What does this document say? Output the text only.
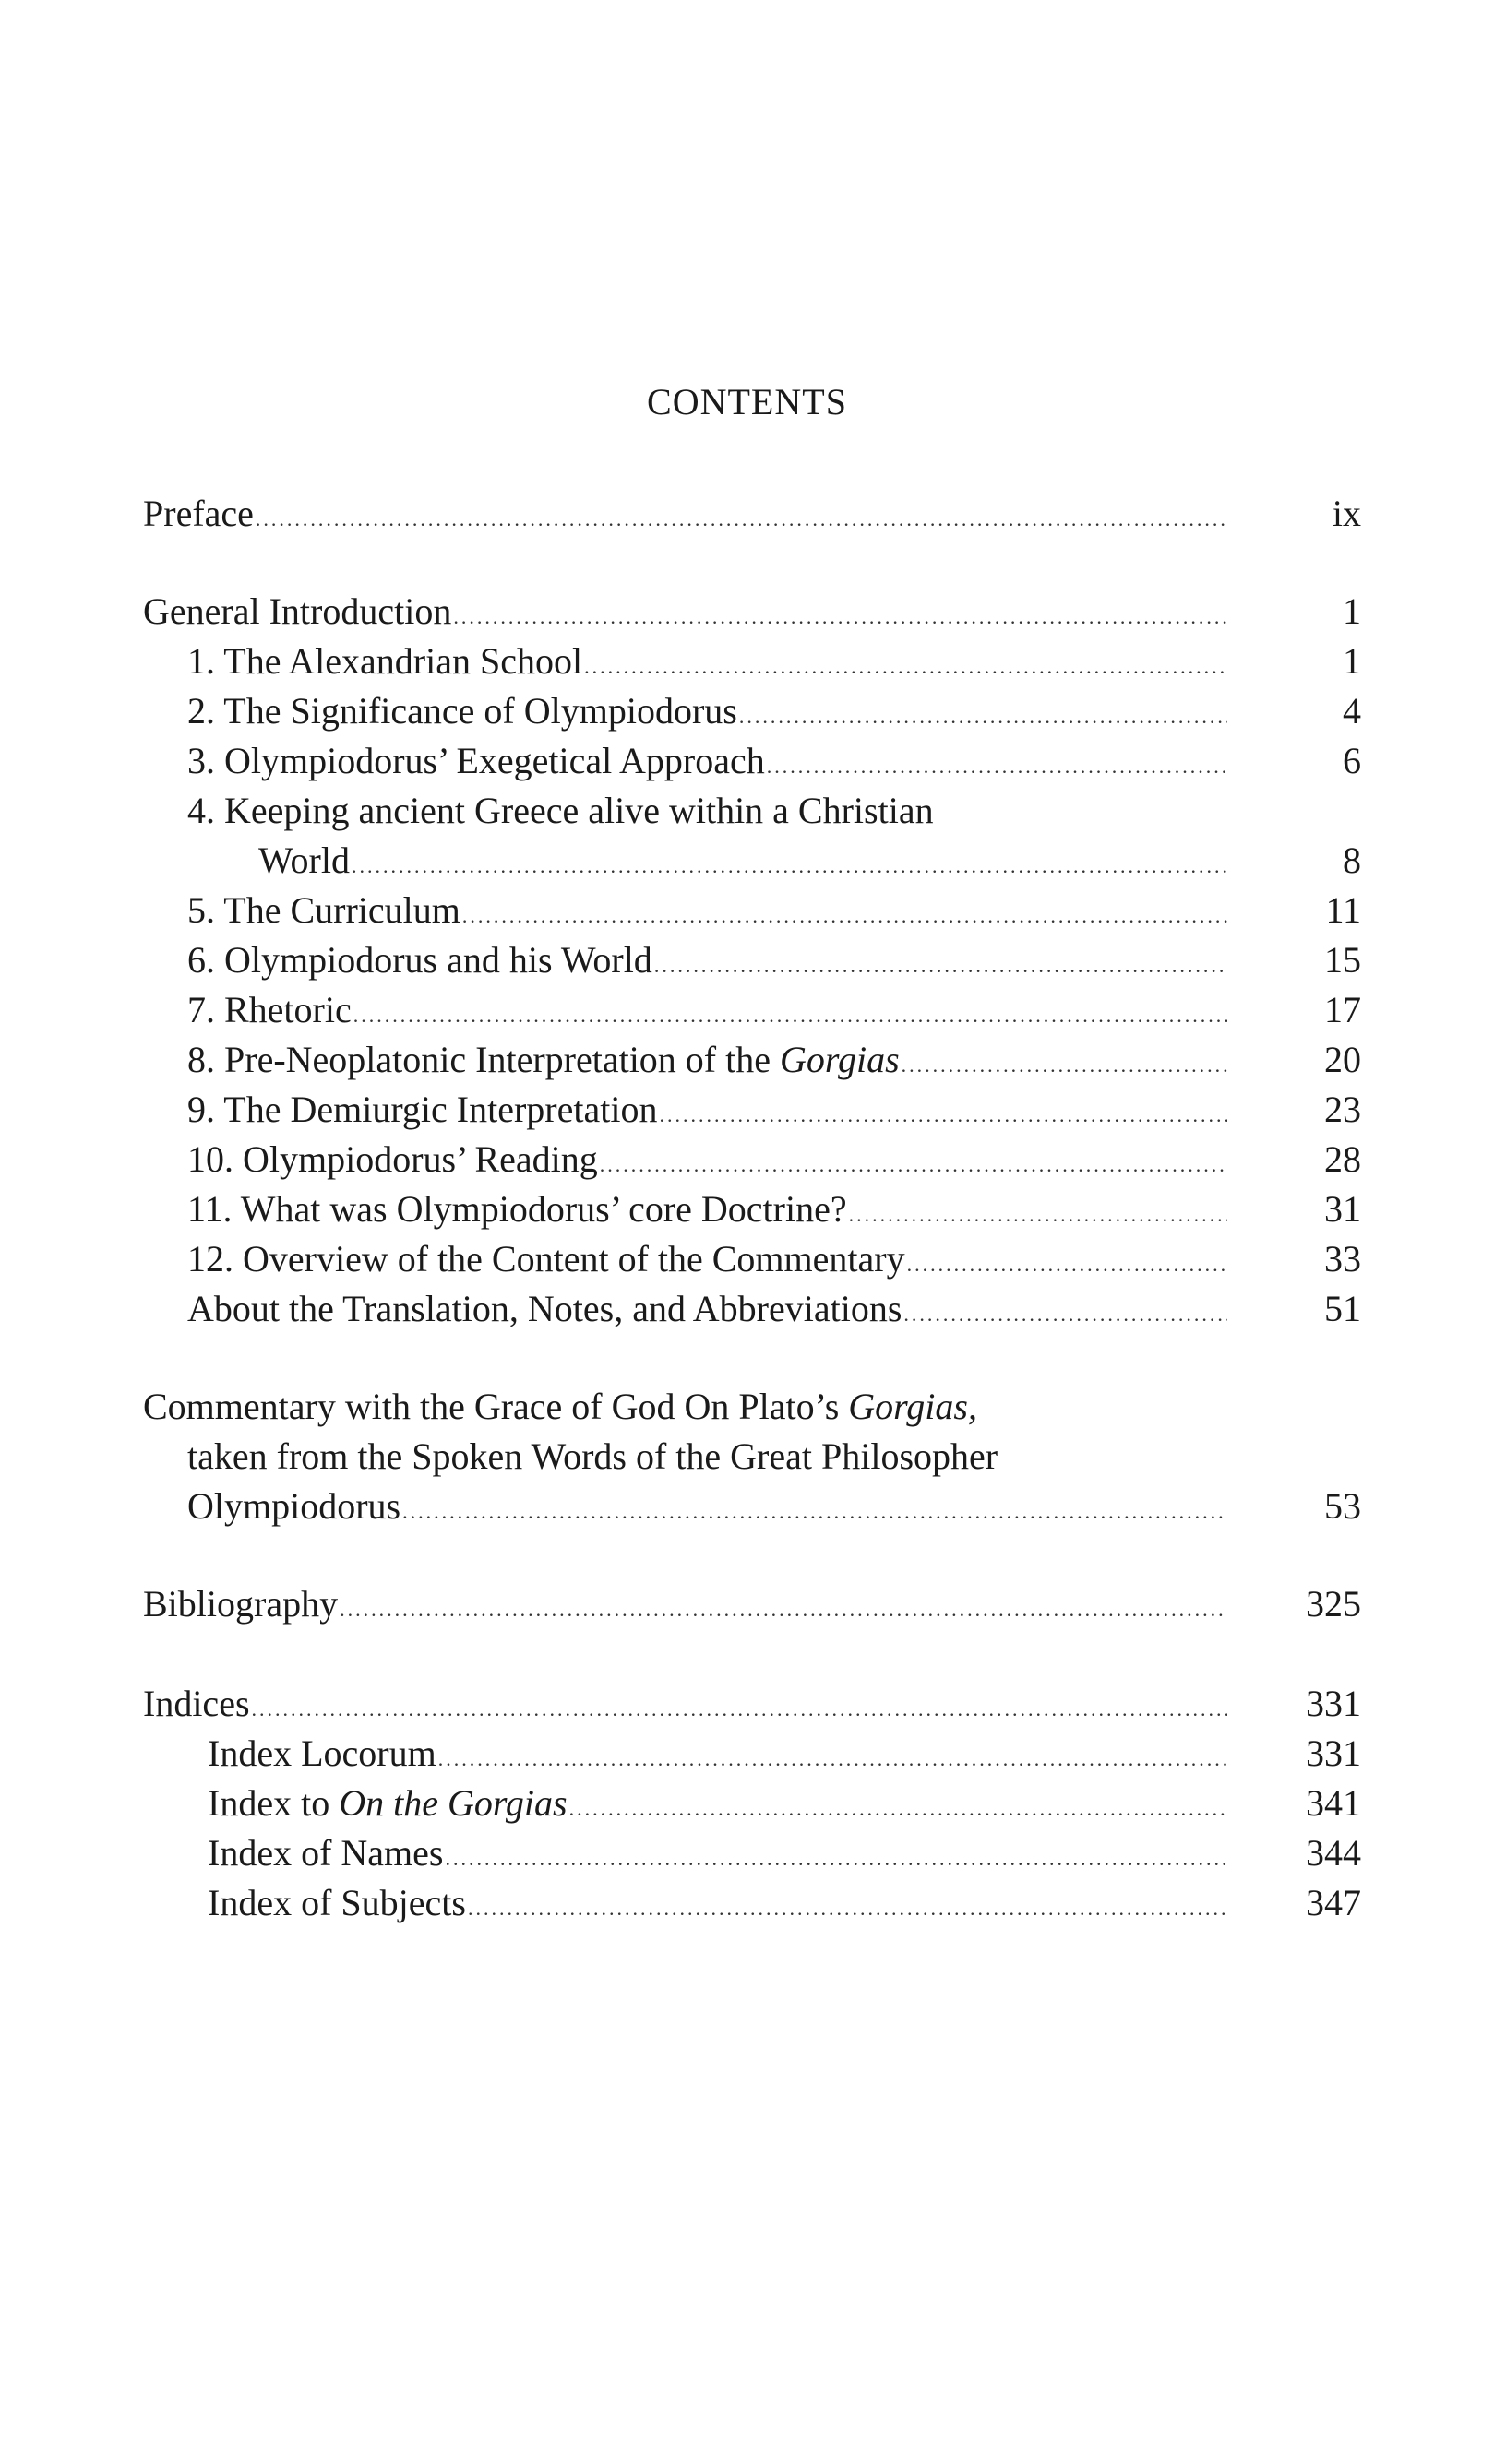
CONTENTS
Preface .....	ix
General Introduction .....	1
1. The Alexandrian School .....	1
2. The Significance of Olympiodorus .....	4
3. Olympiodorus’ Exegetical Approach .....	6
4. Keeping ancient Greece alive within a Christian
World .....	8
5. The Curriculum .....	11
6. Olympiodorus and his World .....	15
7. Rhetoric .....	17
8. Pre-Neoplatonic Interpretation of the Gorgias .....	20
9. The Demiurgic Interpretation .....	23
10. Olympiodorus’ Reading .....	28
11. What was Olympiodorus’ core Doctrine? .....	31
12. Overview of the Content of the Commentary .....	33
About the Translation, Notes, and Abbreviations .....	51
Commentary with the Grace of God On Plato’s Gorgias,
taken from the Spoken Words of the Great Philosopher
Olympiodorus .....	53
Bibliography .....	325
Indices .....	331
Index Locorum .....	331
Index to On the Gorgias .....	341
Index of Names .....	344
Index of Subjects .....	347
